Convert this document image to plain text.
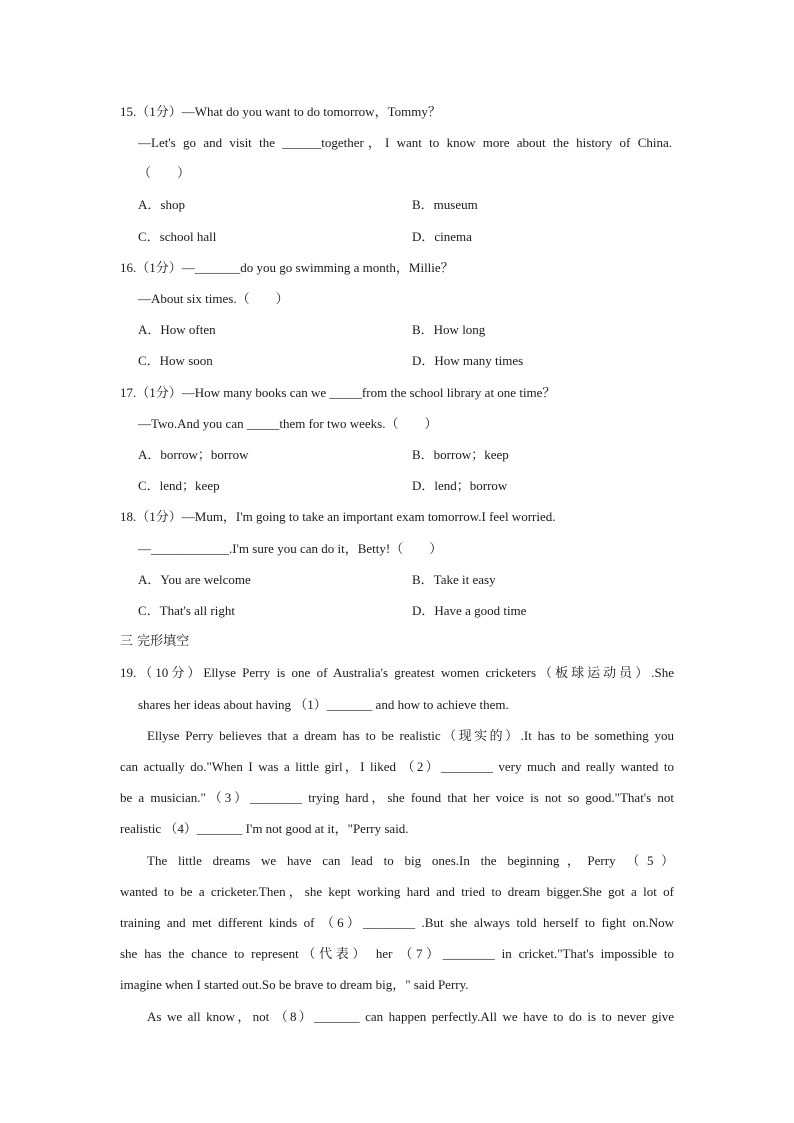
15.（1分）—What do you want to do tomorrow，Tommy？
—Let's go and visit the ______together，I want to know more about the history of China.
（　　）
A．shop	B．museum
C．school hall	D．cinema
16.（1分）—_______do you go swimming a month，Millie？
—About six times.（　　）
A．How often	B．How long
C．How soon	D．How many times
17.（1分）—How many books can we _____from the school library at one time？
—Two.And you can _____them for two weeks.（　　）
A．borrow；borrow	B．borrow；keep
C．lend；keep	D．lend；borrow
18.（1分）—Mum，I'm going to take an important exam tomorrow.I feel worried.
—____________.I'm sure you can do it，Betty!（　　）
A．You are welcome	B．Take it easy
C．That's all right	D．Have a good time
三 完形填空
19.（10分）Ellyse Perry is one of Australia's greatest women cricketers（板球运动员）.She
shares her ideas about having （1）_______ and how to achieve them.
Ellyse Perry believes that a dream has to be realistic（现实的）.It has to be something you
can actually do."When I was a little girl，I liked （2）________ very much and really wanted to
be a musician."（3）________ trying hard，she found that her voice is not so good."That's not
realistic （4）_______ I'm not good at it，"Perry said.
The little dreams we have can lead to big ones.In the beginning，Perry （5）
wanted to be a cricketer.Then，she kept working hard and tried to dream bigger.She got a lot of
training and met different kinds of （6）________ .But she always told herself to fight on.Now
she has the chance to represent（代表） her （7）________ in cricket."That's impossible to
imagine when I started out.So be brave to dream big，" said Perry.
As we all know，not （8）_______ can happen perfectly.All we have to do is to never give
